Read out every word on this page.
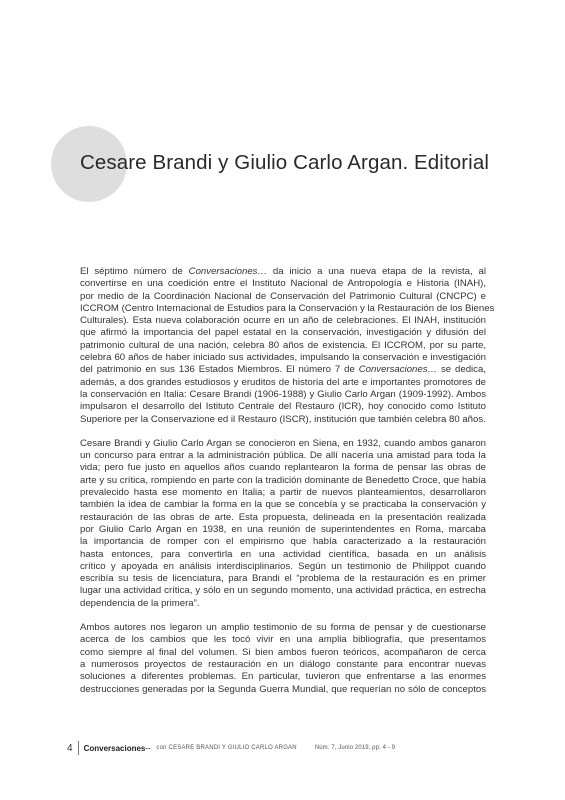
Cesare Brandi y Giulio Carlo Argan. Editorial

El séptimo número de Conversaciones… da inicio a una nueva etapa de la revista, al
convertirse en una coedición entre el Instituto Nacional de Antropología e Historia (INAH),
por medio de la Coordinación Nacional de Conservación del Patrimonio Cultural (CNCPC) e
ICCROM (Centro Internacional de Estudios para la Conservación y la Restauración de los Bienes
Culturales). Esta nueva colaboración ocurre en un año de celebraciones. El INAH, institución
que afirmó la importancia del papel estatal en la conservación, investigación y difusión del
patrimonio cultural de una nación, celebra 80 años de existencia. El ICCROM, por su parte,
celebra 60 años de haber iniciado sus actividades, impulsando la conservación e investigación
del patrimonio en sus 136 Estados Miembros. El número 7 de Conversaciones… se dedica,
además, a dos grandes estudiosos y eruditos de historia del arte e importantes promotores de
la conservación en Italia: Cesare Brandi (1906-1988) y Giulio Carlo Argan (1909-1992). Ambos
impulsaron el desarrollo del Istituto Centrale del Restauro (ICR), hoy conocido como Istituto
Superiore per la Conservazione ed il Restauro (ISCR), institución que también celebra 80 años.

Cesare Brandi y Giulio Carlo Argan se conocieron en Siena, en 1932, cuando ambos ganaron
un concurso para entrar a la administración pública. De allí nacería una amistad para toda la
vida; pero fue justo en aquellos años cuando replantearon la forma de pensar las obras de
arte y su crítica, rompiendo en parte con la tradición dominante de Benedetto Croce, que había
prevalecido hasta ese momento en Italia; a partir de nuevos planteamientos, desarrollaron
también la idea de cambiar la forma en la que se concebía y se practicaba la conservación y
restauración de las obras de arte. Esta propuesta, delineada en la presentación realizada
por Giulio Carlo Argan en 1938, en una reunión de superintendentes en Roma, marcaba
la importancia de romper con el empirismo que había caracterizado a la restauración
hasta entonces, para convertirla en una actividad científica, basada en un análisis
crítico y apoyada en análisis interdisciplinarios. Según un testimonio de Philippot cuando
escribía su tesis de licenciatura, para Brandi el “problema de la restauración es en primer
lugar una actividad crítica, y sólo en un segundo momento, una actividad práctica, en estrecha
dependencia de la primera”.

Ambos autores nos legaron un amplio testimonio de su forma de pensar y de cuestionarse
acerca de los cambios que les tocó vivir en una amplia bibliografía, que presentamos
como siempre al final del volumen. Si bien ambos fueron teóricos, acompañaron de cerca
a numerosos proyectos de restauración en un diálogo constante para encontrar nuevas
soluciones a diferentes problemas. En particular, tuvieron que enfrentarse a las enormes
destrucciones generadas por la Segunda Guerra Mundial, que requerían no sólo de conceptos

4 Conversaciones ... con CESARE BRANDI Y GIULIO CARLO ARGAN	Núm. 7, Junio 2019, pp. 4 - 9
